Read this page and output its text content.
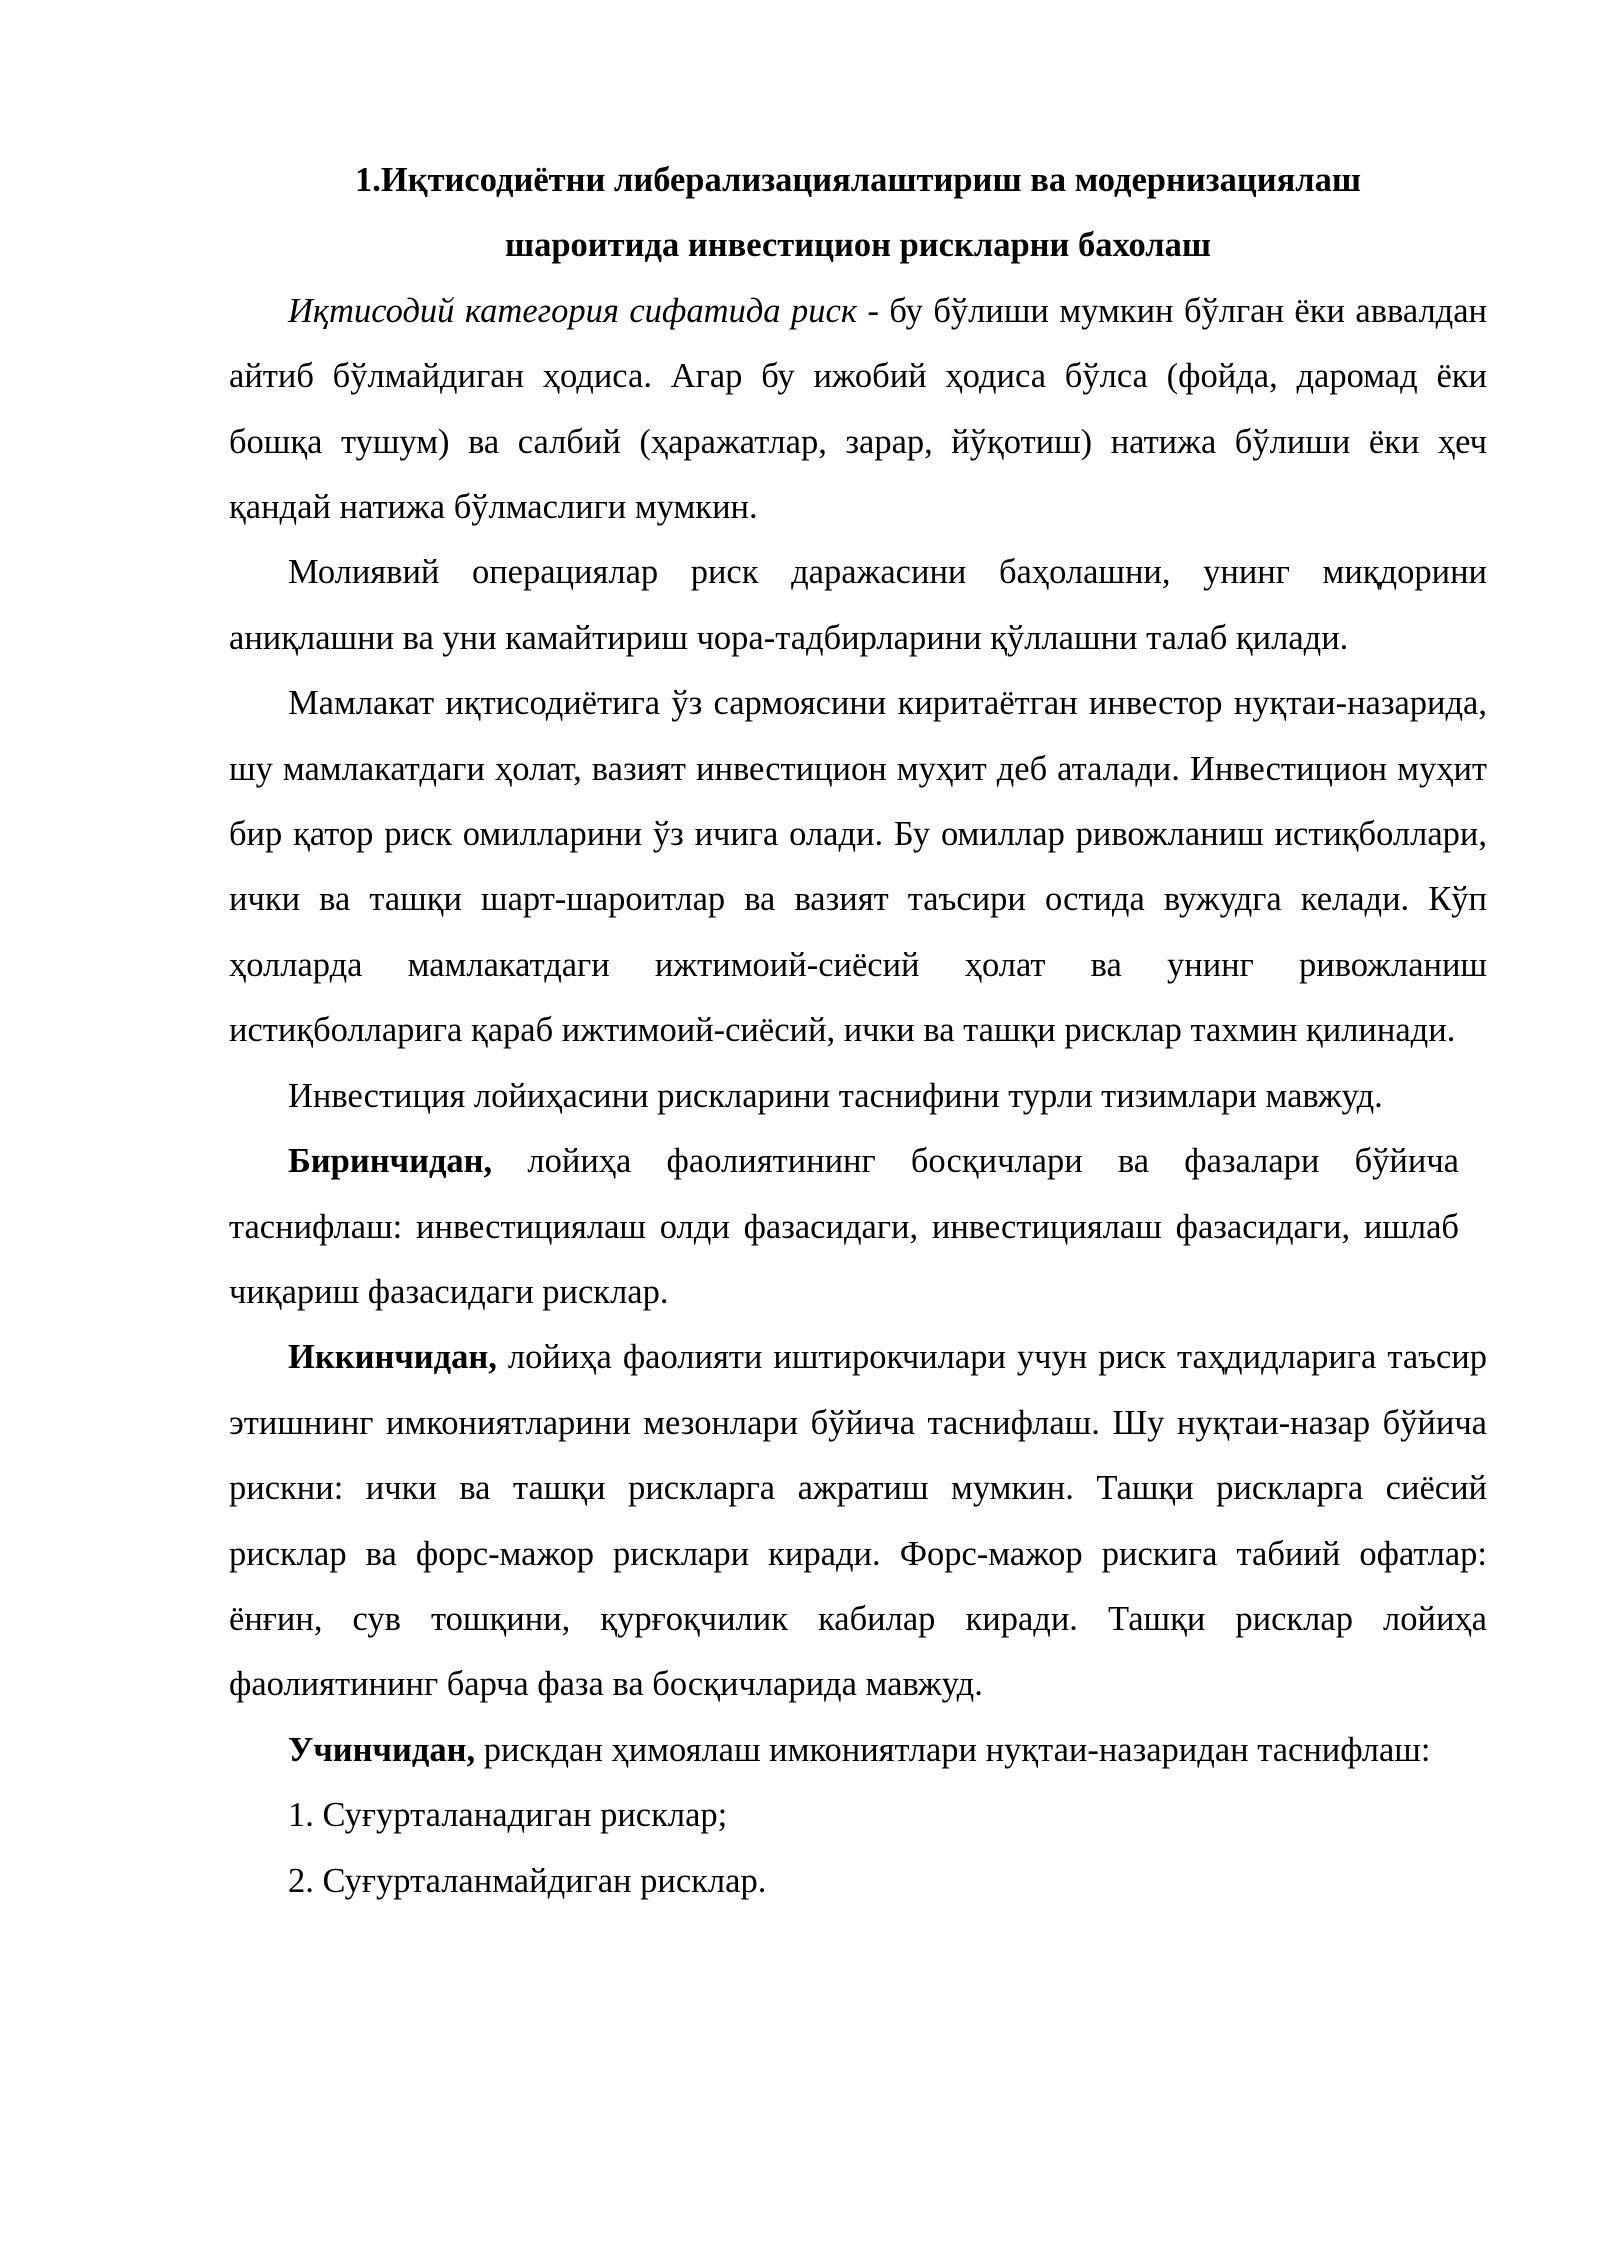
1.Иқтисодиётни либерализациялаштириш ва модернизациялаш
шароитида инвестицион рискларни бахолаш

Иқтисодий категория сифатида риск - бу бўлиши мумкин бўлган ёки аввалдан айтиб бўлмайдиган ҳодиса. Агар бу ижобий ҳодиса бўлса (фойда, даромад ёки бошқа тушум) ва салбий (ҳаражатлар, зарар, йўқотиш) натижа бўлиши ёки ҳеч қандай натижа бўлмаслиги мумкин.

Молиявий операциялар риск даражасини баҳолашни, унинг миқдорини аниқлашни ва уни камайтириш чора-тадбирларини қўллашни талаб қилади.

Мамлакат иқтисодиётига ўз сармоясини киритаётган инвестор нуқтаи-назарида, шу мамлакатдаги ҳолат, вазият инвестицион муҳит деб аталади. Инвестицион муҳит бир қатор риск омилларини ўз ичига олади. Бу омиллар ривожланиш истиқболлари, ички ва ташқи шарт-шароитлар ва вазият таъсири остида вужудга келади. Кўп ҳолларда мамлакатдаги ижтимоий-сиёсий ҳолат ва унинг ривожланиш истиқболларига қараб ижтимоий-сиёсий, ички ва ташқи рисклар тахмин қилинади.

Инвестиция лойиҳасини рискларини таснифини турли тизимлари мавжуд.

Биринчидан, лойиҳа фаолиятининг босқичлари ва фазалари бўйича таснифлаш: инвестициялаш олди фазасидаги, инвестициялаш фазасидаги, ишлаб чиқариш фазасидаги рисклар.

Иккинчидан, лойиҳа фаолияти иштирокчилари учун риск таҳдидларига таъсир этишнинг имкониятларини мезонлари бўйича таснифлаш. Шу нуқтаи-назар бўйича рискни: ички ва ташқи рискларга ажратиш мумкин. Ташқи рискларга сиёсий рисклар ва форс-мажор рисклари киради. Форс-мажор рискига табиий офатлар: ёнғин, сув тошқини, қурғоқчилик кабилар киради. Ташқи рисклар лойиҳа фаолиятининг барча фаза ва босқичларида мавжуд.

Учинчидан, рискдан ҳимоялаш имкониятлари нуқтаи-назаридан таснифлаш:

1. Суғурталанадиган рисклар;
2. Суғурталанмайдиган рисклар.
